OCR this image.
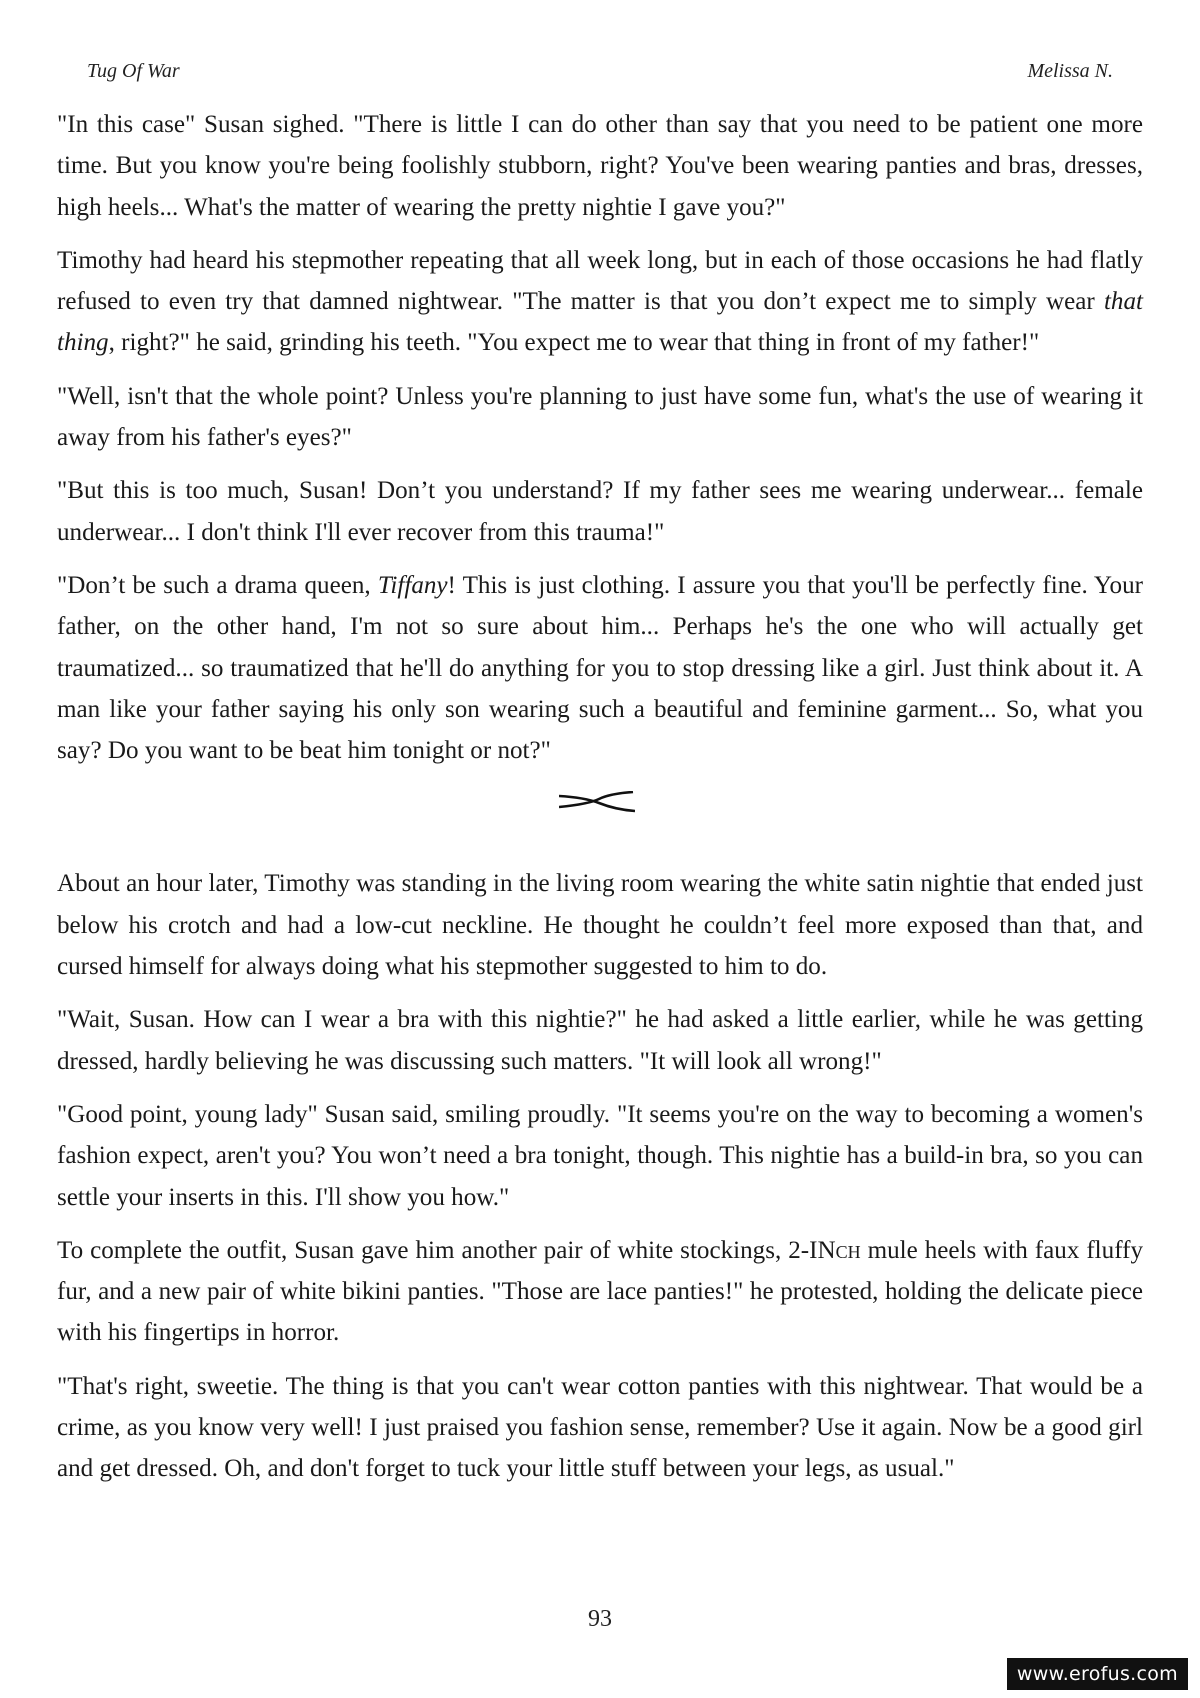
Tug Of War	Melissa N.

"In this case" Susan sighed. "There is little I can do other than say that you need to be patient one more time. But you know you're being foolishly stubborn, right? You've been wearing panties and bras, dresses, high heels... What's the matter of wearing the pretty nightie I gave you?"

Timothy had heard his stepmother repeating that all week long, but in each of those occasions he had flatly refused to even try that damned nightwear. "The matter is that you don’t expect me to simply wear that thing, right?" he said, grinding his teeth. "You expect me to wear that thing in front of my father!"

"Well, isn't that the whole point? Unless you're planning to just have some fun, what's the use of wearing it away from his father's eyes?"

"But this is too much, Susan! Don’t you understand? If my father sees me wearing underwear... female underwear... I don't think I'll ever recover from this trauma!"

"Don’t be such a drama queen, Tiffany! This is just clothing. I assure you that you'll be perfectly fine. Your father, on the other hand, I'm not so sure about him... Perhaps he's the one who will actually get traumatized... so traumatized that he'll do anything for you to stop dressing like a girl. Just think about it. A man like your father saying his only son wearing such a beautiful and feminine garment... So, what you say? Do you want to be beat him tonight or not?"

About an hour later, Timothy was standing in the living room wearing the white satin nightie that ended just below his crotch and had a low-cut neckline. He thought he couldn’t feel more exposed than that, and cursed himself for always doing what his stepmother suggested to him to do.

"Wait, Susan. How can I wear a bra with this nightie?" he had asked a little earlier, while he was getting dressed, hardly believing he was discussing such matters. "It will look all wrong!"

"Good point, young lady" Susan said, smiling proudly. "It seems you're on the way to becoming a women's fashion expect, aren't you? You won’t need a bra tonight, though. This nightie has a build-in bra, so you can settle your inserts in this. I'll show you how."

To complete the outfit, Susan gave him another pair of white stockings, 2-INch mule heels with faux fluffy fur, and a new pair of white bikini panties. "Those are lace panties!" he protested, holding the delicate piece with his fingertips in horror.

"That's right, sweetie. The thing is that you can't wear cotton panties with this nightwear. That would be a crime, as you know very well! I just praised you fashion sense, remember? Use it again. Now be a good girl and get dressed. Oh, and don't forget to tuck your little stuff between your legs, as usual."

93
www.erofus.com
